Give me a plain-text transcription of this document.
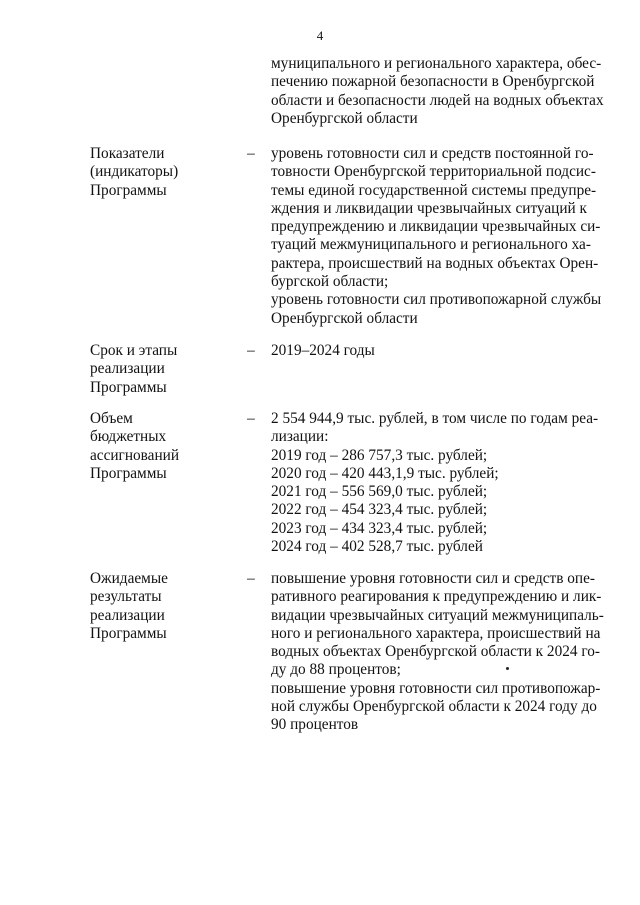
4
муниципального и регионального характера, обес-
печению пожарной безопасности в Оренбургской
области и безопасности людей на водных объектах
Оренбургской области
Показатели
(индикаторы)
Программы
– уровень готовности сил и средств постоянной го-
товности Оренбургской территориальной подсис-
темы единой государственной системы предупре-
ждения и ликвидации чрезвычайных ситуаций к
предупреждению и ликвидации чрезвычайных си-
туаций межмуниципального и регионального ха-
рактера, происшествий на водных объектах Орен-
бургской области;
уровень готовности сил противопожарной службы
Оренбургской области
Срок и этапы
реализации
Программы
– 2019–2024 годы
Объем
бюджетных
ассигнований
Программы
– 2 554 944,9 тыс. рублей, в том числе по годам реа-
лизации:
2019 год – 286 757,3 тыс. рублей;
2020 год – 420 443,1,9 тыс. рублей;
2021 год – 556 569,0 тыс. рублей;
2022 год – 454 323,4 тыс. рублей;
2023 год – 434 323,4 тыс. рублей;
2024 год – 402 528,7 тыс. рублей
Ожидаемые
результаты
реализации
Программы
– повышение уровня готовности сил и средств опе-
ративного реагирования к предупреждению и лик-
видации чрезвычайных ситуаций межмуниципаль-
ного и регионального характера, происшествий на
водных объектах Оренбургской области к 2024 го-
ду до 88 процентов;
повышение уровня готовности сил противопожар-
ной службы Оренбургской области к 2024 году до
90 процентов
